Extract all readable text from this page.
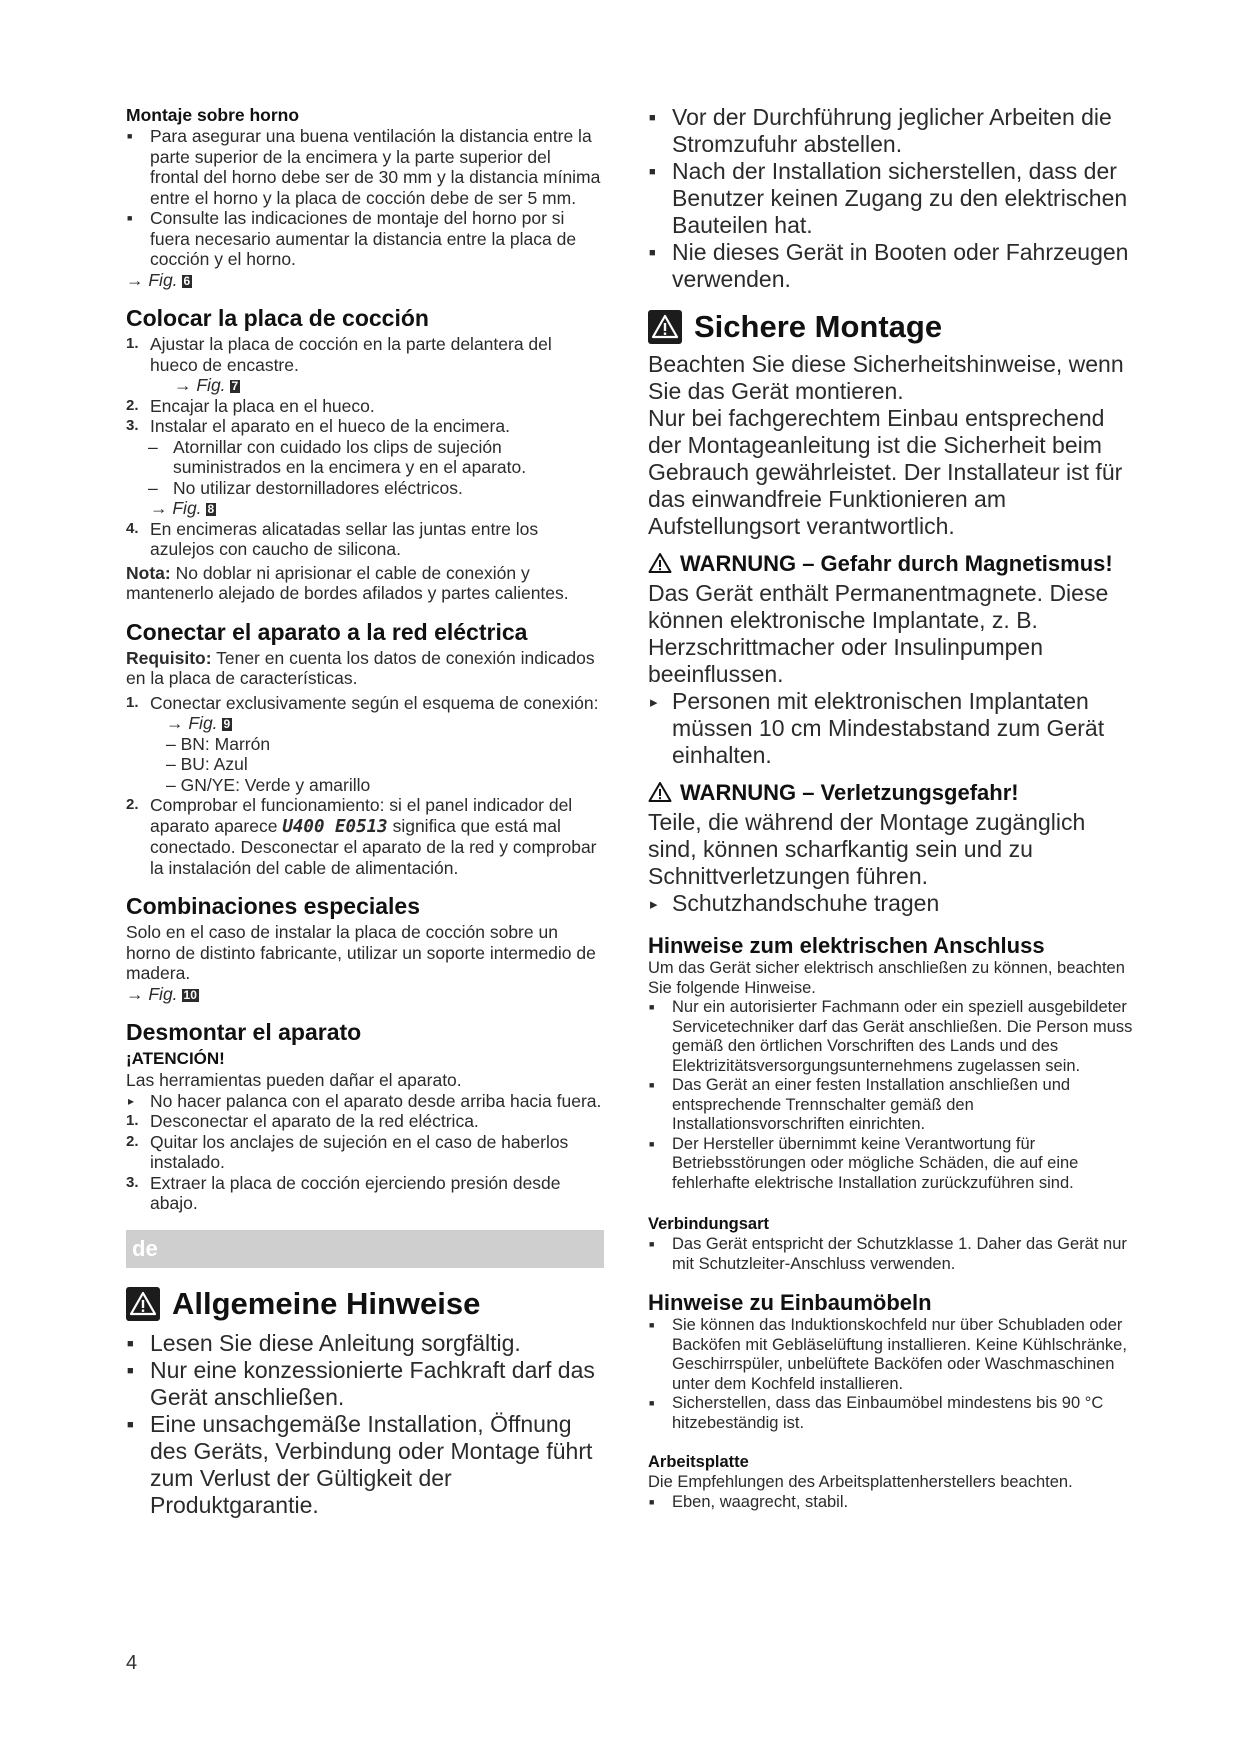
Montaje sobre horno
■ Para asegurar una buena ventilación la distancia entre la parte superior de la encimera y la parte superior del frontal del horno debe ser de 30 mm y la distancia mínima entre el horno y la placa de cocción debe de ser 5 mm.
■ Consulte las indicaciones de montaje del horno por si fuera necesario aumentar la distancia entre la placa de cocción y el horno.
→ Fig. 6
Colocar la placa de cocción
1. Ajustar la placa de cocción en la parte delantera del hueco de encastre.
→ Fig. 7
2. Encajar la placa en el hueco.
3. Instalar el aparato en el hueco de la encimera.
– Atornillar con cuidado los clips de sujeción suministrados en la encimera y en el aparato.
– No utilizar destornilladores eléctricos.
→ Fig. 8
4. En encimeras alicatadas sellar las juntas entre los azulejos con caucho de silicona.

Nota: No doblar ni aprisionar el cable de conexión y mantenerlo alejado de bordes afilados y partes calientes.

Conectar el aparato a la red eléctrica

Requisito: Tener en cuenta los datos de conexión indicados en la placa de características.

1. Conectar exclusivamente según el esquema de conexión:
→ Fig. 9
– BN: Marrón
– BU: Azul
– GN/YE: Verde y amarillo
2. Comprobar el funcionamiento: si el panel indicador del aparato aparece U400 E0513 significa que está mal conectado. Desconectar el aparato de la red y comprobar la instalación del cable de alimentación.
Combinaciones especiales

Solo en el caso de instalar la placa de cocción sobre un horno de distinto fabricante, utilizar un soporte intermedio de madera.

→ Fig. 10
Desmontar el aparato
¡ATENCIÓN!

Las herramientas pueden dañar el aparato.

▸ No hacer palanca con el aparato desde arriba hacia fuera.
1. Desconectar el aparato de la red eléctrica.
2. Quitar los anclajes de sujeción en el caso de haberlos instalado.
3. Extraer la placa de cocción ejerciendo presión desde abajo.
de
Allgemeine Hinweise
■ Lesen Sie diese Anleitung sorgfältig.
■ Nur eine konzessionierte Fachkraft darf das Gerät anschließen.
■ Eine unsachgemäße Installation, Öffnung des Geräts, Verbindung oder Montage führt zum Verlust der Gültigkeit der Produktgarantie.
■ Vor der Durchführung jeglicher Arbeiten die Stromzufuhr abstellen.
■ Nach der Installation sicherstellen, dass der Benutzer keinen Zugang zu den elektrischen Bauteilen hat.
■ Nie dieses Gerät in Booten oder Fahrzeugen verwenden.
Sichere Montage

Beachten Sie diese Sicherheitshinweise, wenn Sie das Gerät montieren.

Nur bei fachgerechtem Einbau entsprechend der Montageanleitung ist die Sicherheit beim Gebrauch gewährleistet. Der Installateur ist für das einwandfreie Funktionieren am Aufstellungsort verantwortlich.

WARNUNG – Gefahr durch Magnetismus!

Das Gerät enthält Permanentmagnete. Diese können elektronische Implantate, z. B. Herzschrittmacher oder Insulinpumpen beeinflussen.

▸ Personen mit elektronischen Implantaten müssen 10 cm Mindestabstand zum Gerät einhalten.
WARNUNG – Verletzungsgefahr!

Teile, die während der Montage zugänglich sind, können scharfkantig sein und zu Schnittverletzungen führen.

▸ Schutzhandschuhe tragen
Hinweise zum elektrischen Anschluss

Um das Gerät sicher elektrisch anschließen zu können, beachten Sie folgende Hinweise.

■ Nur ein autorisierter Fachmann oder ein speziell ausgebildeter Servicetechniker darf das Gerät anschließen. Die Person muss gemäß den örtlichen Vorschriften des Lands und des Elektrizitätsversorgungsunternehmens zugelassen sein.
■ Das Gerät an einer festen Installation anschließen und entsprechende Trennschalter gemäß den Installationsvorschriften einrichten.
■ Der Hersteller übernimmt keine Verantwortung für Betriebsstörungen oder mögliche Schäden, die auf eine fehlerhafte elektrische Installation zurückzuführen sind.
Verbindungsart
■ Das Gerät entspricht der Schutzklasse 1. Daher das Gerät nur mit Schutzleiter-Anschluss verwenden.
Hinweise zu Einbaumöbeln
■ Sie können das Induktionskochfeld nur über Schubladen oder Backöfen mit Gebläselüftung installieren. Keine Kühlschränke, Geschirrspüler, unbelüftete Backöfen oder Waschmaschinen unter dem Kochfeld installieren.
■ Sicherstellen, dass das Einbaumöbel mindestens bis 90 °C hitzebeständig ist.
Arbeitsplatte

Die Empfehlungen des Arbeitsplattenherstellers beachten.

■ Eben, waagrecht, stabil.
4
